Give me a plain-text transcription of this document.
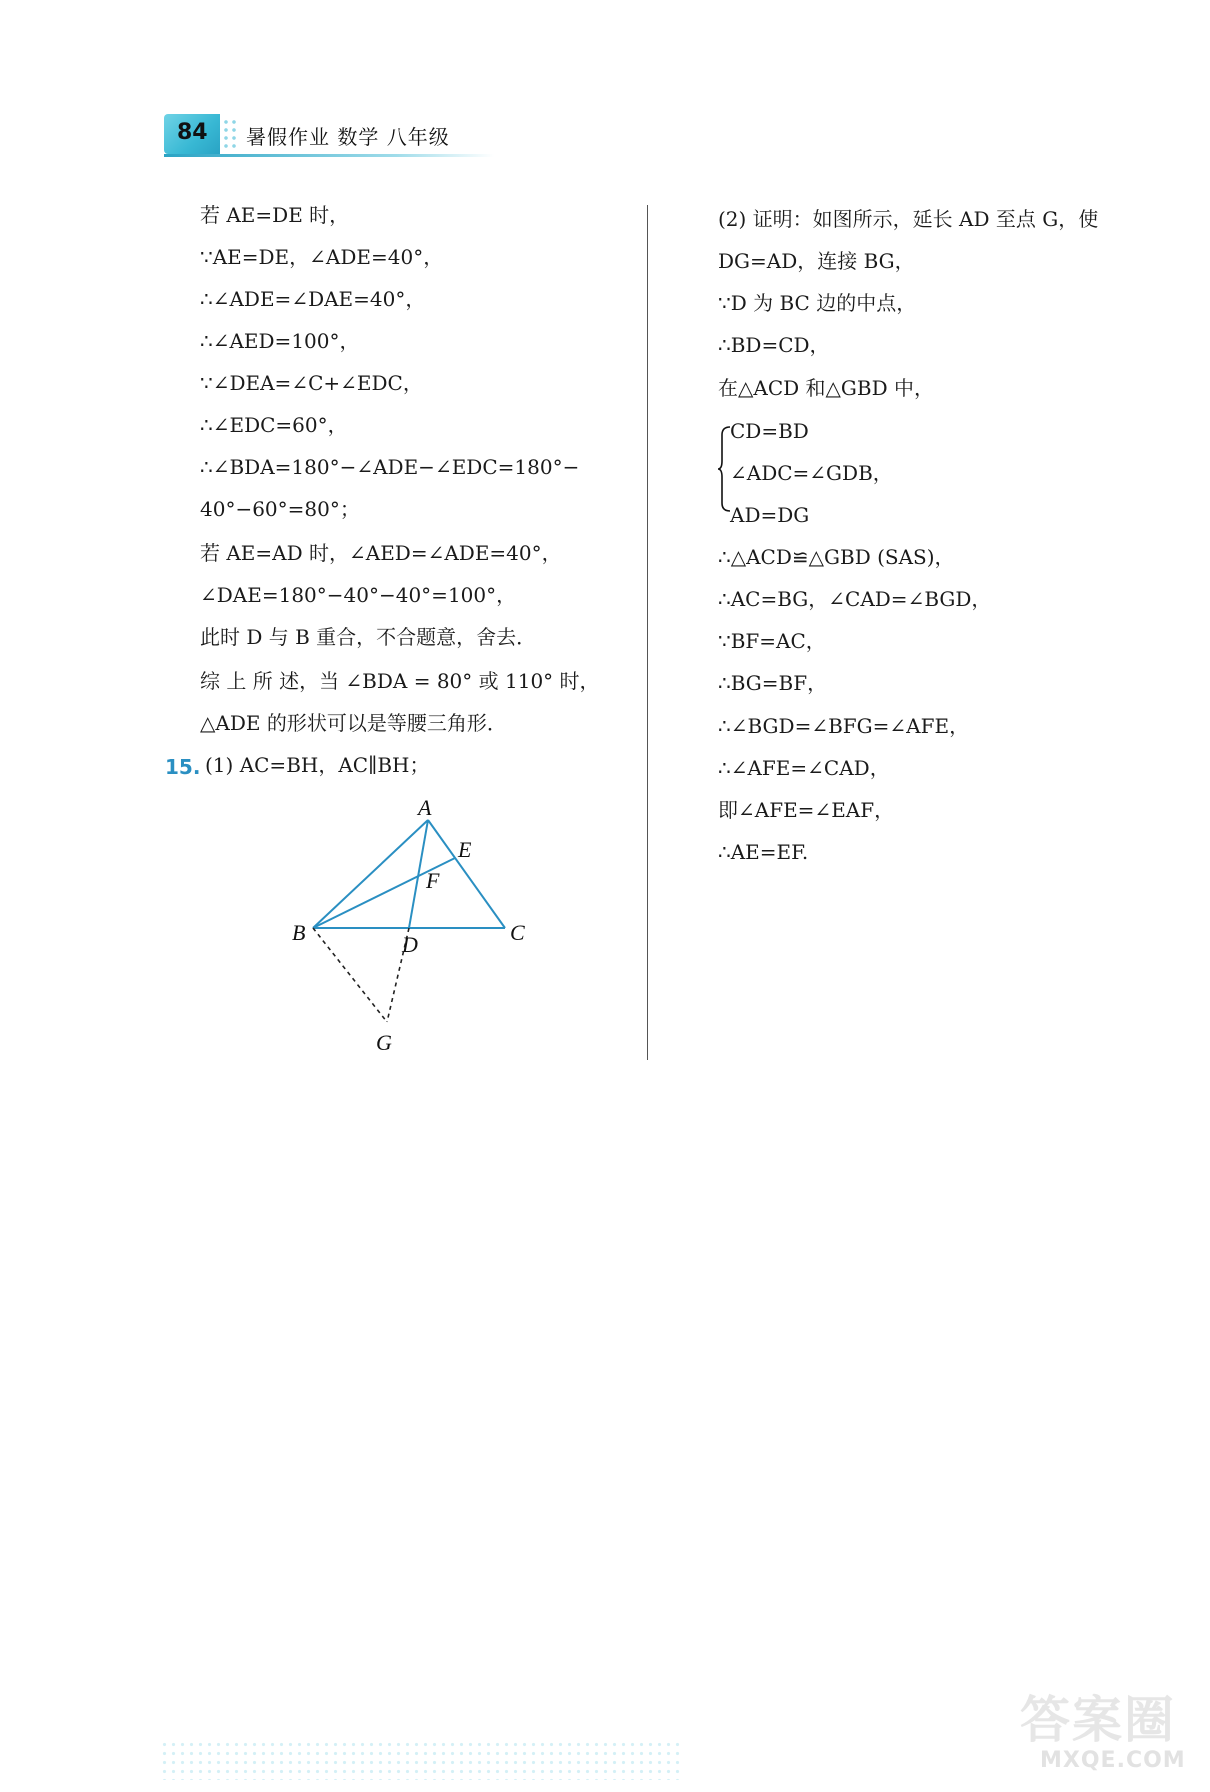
84 暑假作业 数学 八年级
若 AE=DE 时，
∵AE=DE，∠ADE=40°，
∴∠ADE=∠DAE=40°，
∴∠AED=100°，
∵∠DEA=∠C+∠EDC，
∴∠EDC=60°，
∴∠BDA=180°−∠ADE−∠EDC=180°−
40°−60°=80°；
若 AE=AD 时，∠AED=∠ADE=40°，
∠DAE=180°−40°−40°=100°，
此时 D 与 B 重合，不合题意，舍去．
综 上 所 述，当 ∠BDA = 80° 或 110° 时，
△ADE 的形状可以是等腰三角形．
15. (1) AC=BH，AC∥BH；
A
E
F
B	D	C
G
(2) 证明：如图所示，延长 AD 至点 G，使
DG=AD，连接 BG，
∵D 为 BC 边的中点，
∴BD=CD，
在△ACD 和△GBD 中，
CD=BD
∠ADC=∠GDB，
AD=DG
∴△ACD≌△GBD (SAS)，
∴AC=BG，∠CAD=∠BGD，
∵BF=AC，
∴BG=BF，
∴∠BGD=∠BFG=∠AFE，
∴∠AFE=∠CAD，
即∠AFE=∠EAF，
∴AE=EF.
答案圈
MXQE.COM
